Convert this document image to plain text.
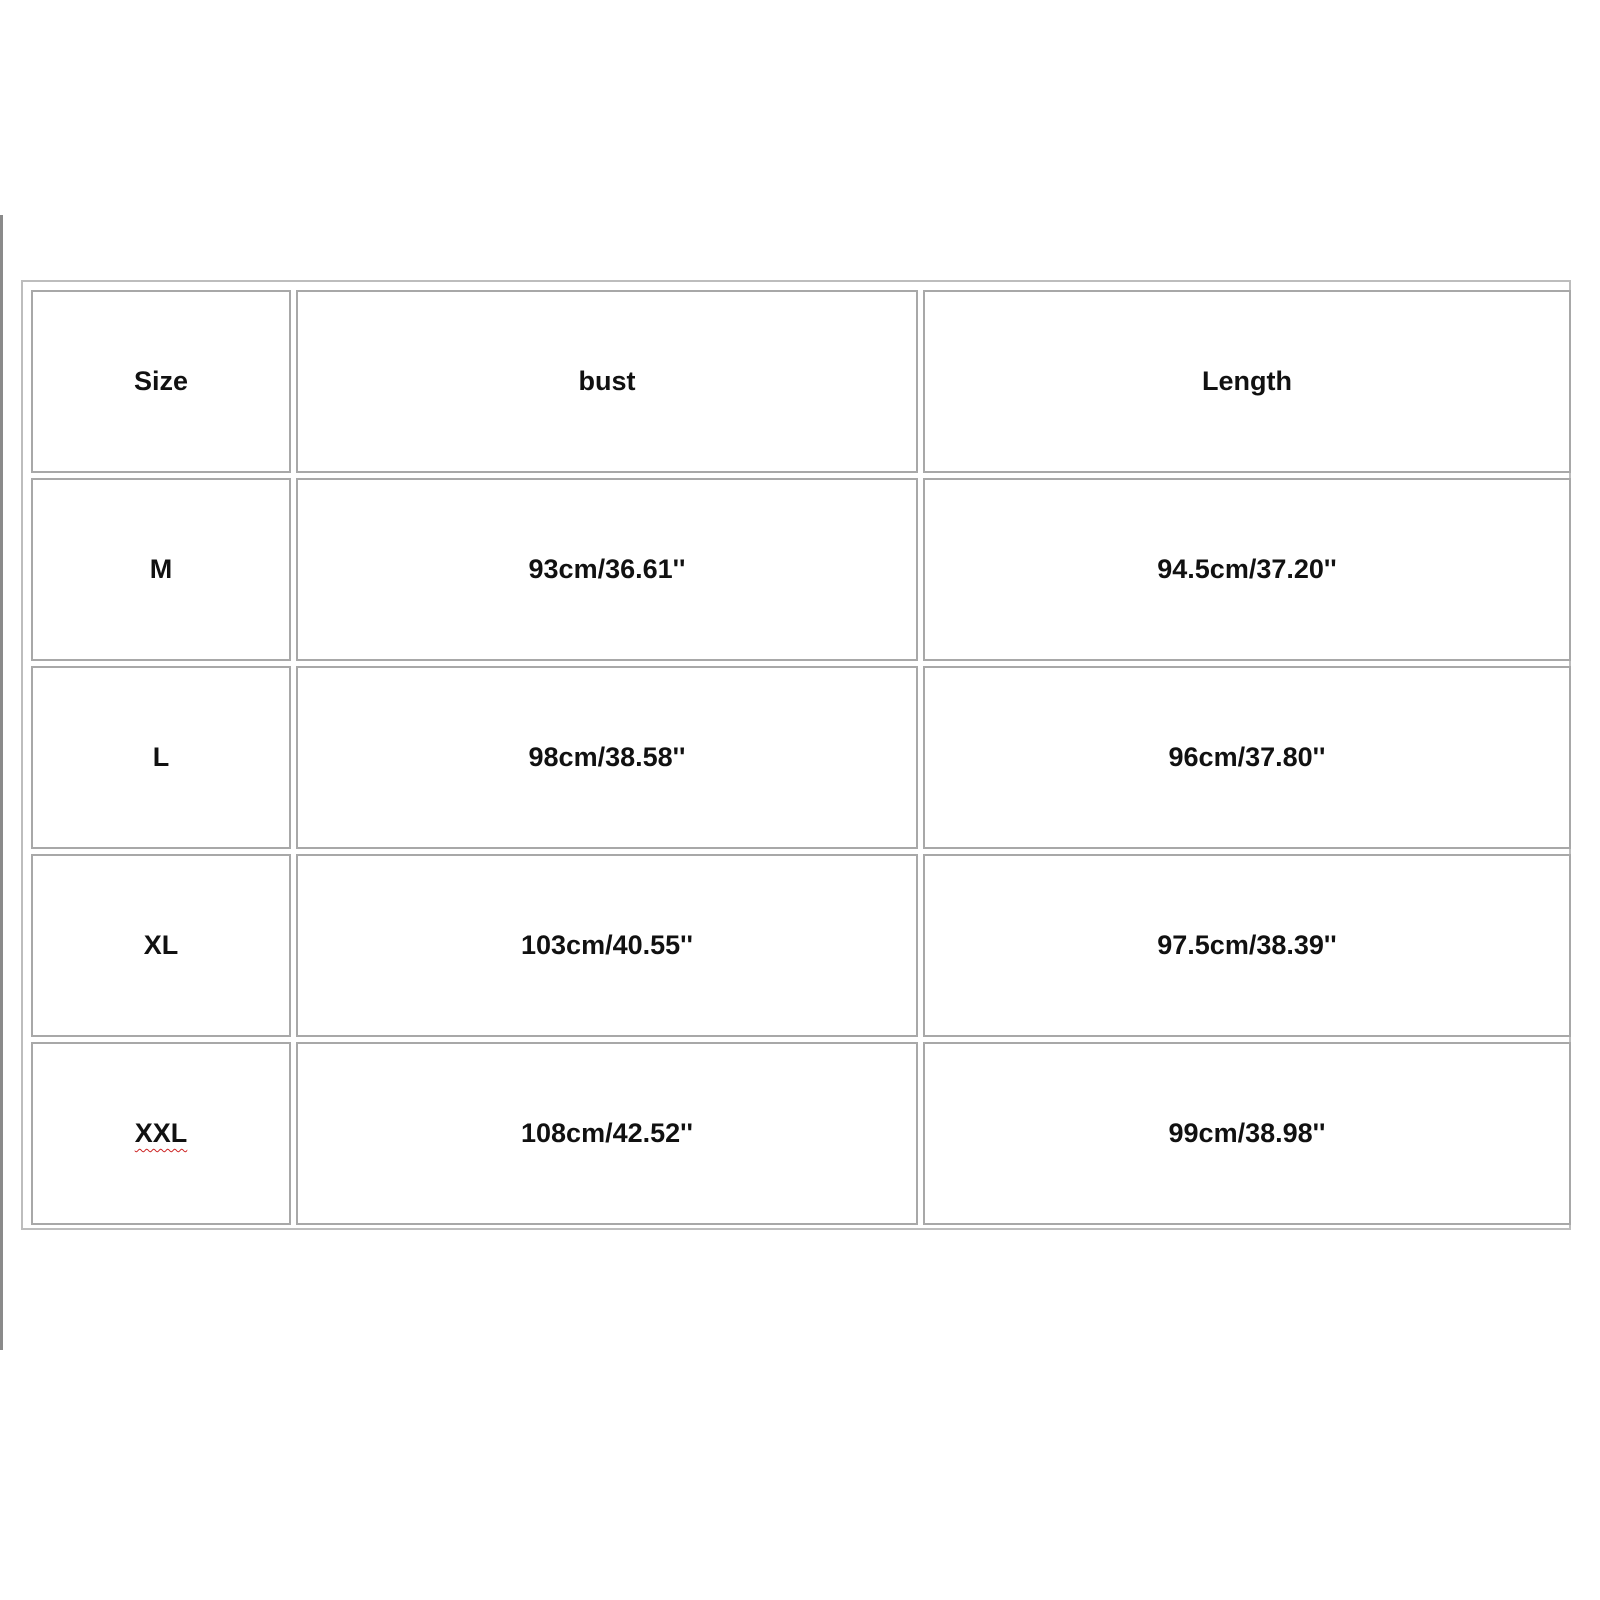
Size	bust	Length
M	93cm/36.61''	94.5cm/37.20''
L	98cm/38.58''	96cm/37.80''
XL	103cm/40.55''	97.5cm/38.39''
XXL	108cm/42.52''	99cm/38.98''
